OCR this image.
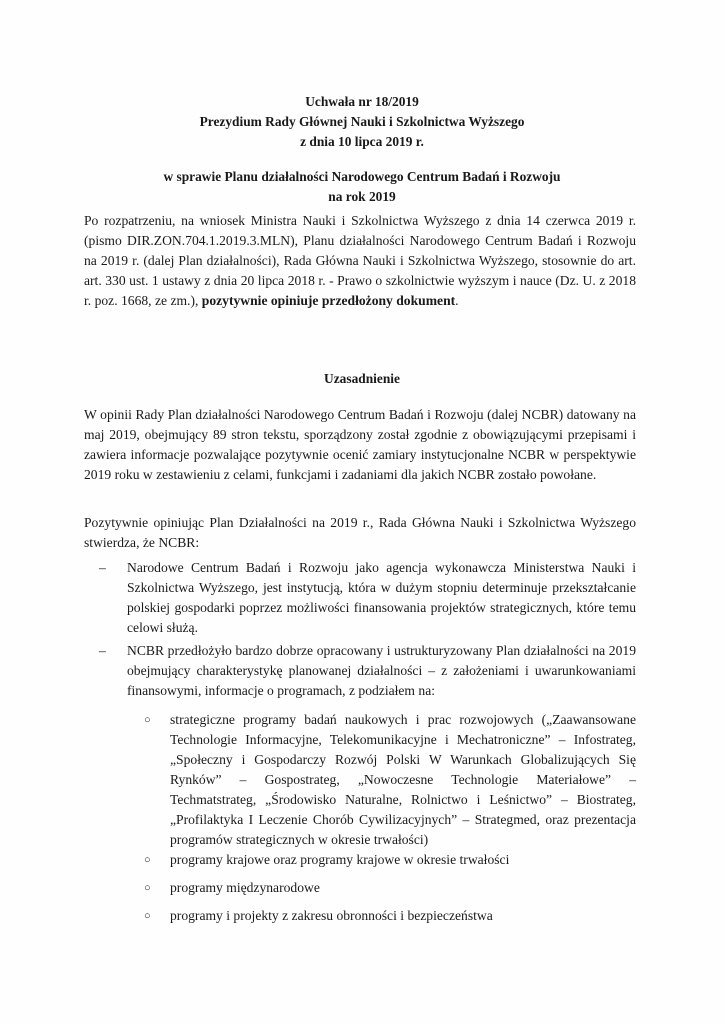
Uchwała nr 18/2019
Prezydium Rady Głównej Nauki i Szkolnictwa Wyższego
z dnia 10 lipca 2019 r.
w sprawie Planu działalności Narodowego Centrum Badań i Rozwoju
na rok 2019
Po rozpatrzeniu, na wniosek Ministra Nauki i Szkolnictwa Wyższego z dnia 14 czerwca 2019 r. (pismo DIR.ZON.704.1.2019.3.MLN), Planu działalności Narodowego Centrum Badań i Rozwoju na 2019 r. (dalej Plan działalności), Rada Główna Nauki i Szkolnictwa Wyższego, stosownie do art. art. 330 ust. 1 ustawy z dnia 20 lipca 2018 r. - Prawo o szkolnictwie wyższym i nauce (Dz. U. z 2018 r. poz. 1668, ze zm.), pozytywnie opiniuje przedłożony dokument.
Uzasadnienie
W opinii Rady Plan działalności Narodowego Centrum Badań i Rozwoju (dalej NCBR) datowany na maj 2019, obejmujący 89 stron tekstu, sporządzony został zgodnie z obowiązującymi przepisami i zawiera informacje pozwalające pozytywnie ocenić zamiary instytucjonalne NCBR w perspektywie 2019 roku w zestawieniu z celami, funkcjami i zadaniami dla jakich NCBR zostało powołane.
Pozytywnie opiniując Plan Działalności na 2019 r., Rada Główna Nauki i Szkolnictwa Wyższego stwierdza, że NCBR:
– Narodowe Centrum Badań i Rozwoju jako agencja wykonawcza Ministerstwa Nauki i Szkolnictwa Wyższego, jest instytucją, która w dużym stopniu determinuje przekształcanie polskiej gospodarki poprzez możliwości finansowania projektów strategicznych, które temu celowi służą.
– NCBR przedłożyło bardzo dobrze opracowany i ustrukturyzowany Plan działalności na 2019 obejmujący charakterystykę planowanej działalności – z założeniami i uwarunkowaniami finansowymi, informacje o programach, z podziałem na:
○ strategiczne programy badań naukowych i prac rozwojowych („Zaawansowane Technologie Informacyjne, Telekomunikacyjne i Mechatroniczne” – Infostrateg, „Społeczny i Gospodarczy Rozwój Polski W Warunkach Globalizujących Się Rynków” – Gospostrateg, „Nowoczesne Technologie Materiałowe” – Techmatstrateg, „Środowisko Naturalne, Rolnictwo i Leśnictwo” – Biostrateg, „Profilaktyka I Leczenie Chorób Cywilizacyjnych” – Strategmed, oraz prezentacja programów strategicznych w okresie trwałości)
○ programy krajowe oraz programy krajowe w okresie trwałości
○ programy międzynarodowe
○ programy i projekty z zakresu obronności i bezpieczeństwa
